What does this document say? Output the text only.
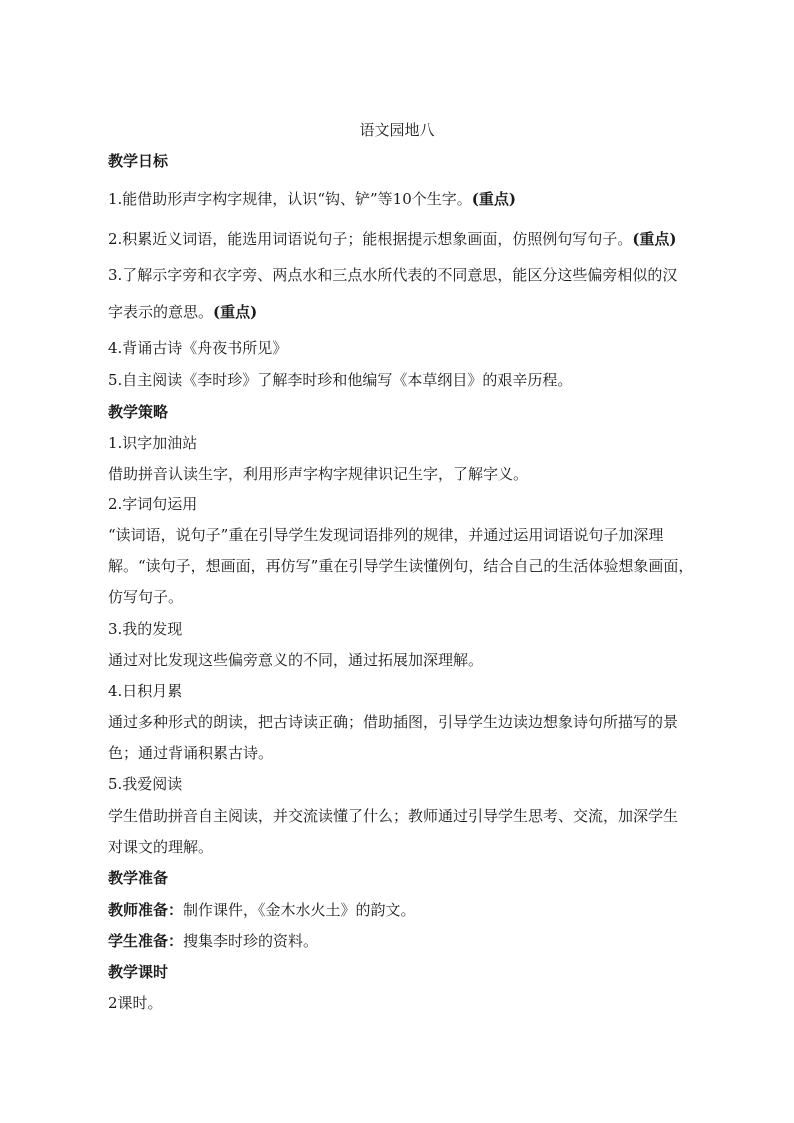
语文园地八
教学日标
1.能借助形声字构字规律，认识“钩、铲”等10个生字。(重点)
2.积累近义词语，能选用词语说句子；能根据提示想象画面，仿照例句写句子。(重点)
3.了解示字旁和衣字旁、两点水和三点水所代表的不同意思，能区分这些偏旁相似的汉
字表示的意思。(重点)
4.背诵古诗《舟夜书所见》
5.自主阅读《李时珍》了解李时珍和他编写《本草纲目》的艰辛历程。
教学策略
1.识字加油站
借助拼音认读生字，利用形声字构字规律识记生字，了解字义。
2.字词句运用
“读词语，说句子”重在引导学生发现词语排列的规律，并通过运用词语说句子加深理
解。“读句子，想画面，再仿写”重在引导学生读懂例句，结合自己的生活体验想象画面，
仿写句子。
3.我的发现
通过对比发现这些偏旁意义的不同，通过拓展加深理解。
4.日积月累
通过多种形式的朗读，把古诗读正确；借助插图，引导学生边读边想象诗句所描写的景
色；通过背诵积累古诗。
5.我爱阅读
学生借助拼音自主阅读，并交流读懂了什么；教师通过引导学生思考、交流，加深学生
对课文的理解。
教学准备
教师准备：制作课件，《金木水火土》的韵文。
学生准备：搜集李时珍的资料。
教学课时
2课时。
